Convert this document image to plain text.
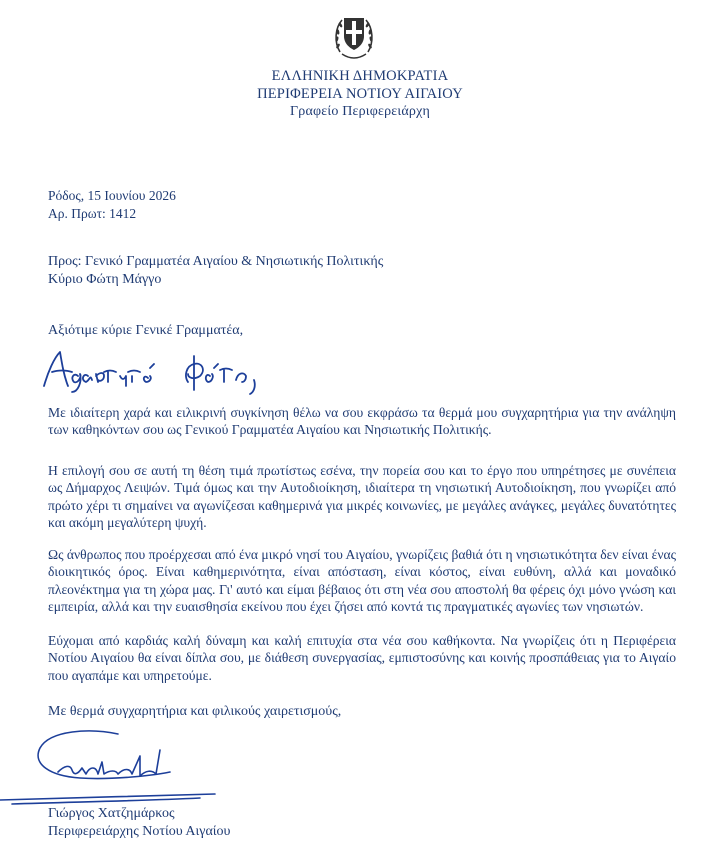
ΕΛΛΗΝΙΚΗ ΔΗΜΟΚΡΑΤΙΑ
ΠΕΡΙΦΕΡΕΙΑ ΝΟΤΙΟΥ ΑΙΓΑΙΟΥ
Γραφείο Περιφερειάρχη
Ρόδος, 15 Ιουνίου 2026
Αρ. Πρωτ: 1412
Προς: Γενικό Γραμματέα Αιγαίου & Νησιωτικής Πολιτικής
Κύριο Φώτη Μάγγο
Αξιότιμε κύριε Γενικέ Γραμματέα,

Με ιδιαίτερη χαρά και ειλικρινή συγκίνηση θέλω να σου εκφράσω τα θερμά μου συγχαρητήρια για την ανάληψη των καθηκόντων σου ως Γενικού Γραμματέα Αιγαίου και Νησιωτικής Πολιτικής.

Η επιλογή σου σε αυτή τη θέση τιμά πρωτίστως εσένα, την πορεία σου και το έργο που υπηρέτησες με συνέπεια ως Δήμαρχος Λειψών. Τιμά όμως και την Αυτοδιοίκηση, ιδιαίτερα τη νησιωτική Αυτοδιοίκηση, που γνωρίζει από πρώτο χέρι τι σημαίνει να αγωνίζεσαι καθημερινά για μικρές κοινωνίες, με μεγάλες ανάγκες, μεγάλες δυνατότητες και ακόμη μεγαλύτερη ψυχή.

Ως άνθρωπος που προέρχεσαι από ένα μικρό νησί του Αιγαίου, γνωρίζεις βαθιά ότι η νησιωτικότητα δεν είναι ένας διοικητικός όρος. Είναι καθημερινότητα, είναι απόσταση, είναι κόστος, είναι ευθύνη, αλλά και μοναδικό πλεονέκτημα για τη χώρα μας. Γι' αυτό και είμαι βέβαιος ότι στη νέα σου αποστολή θα φέρεις όχι μόνο γνώση και εμπειρία, αλλά και την ευαισθησία εκείνου που έχει ζήσει από κοντά τις πραγματικές αγωνίες των νησιωτών.

Εύχομαι από καρδιάς καλή δύναμη και καλή επιτυχία στα νέα σου καθήκοντα. Να γνωρίζεις ότι η Περιφέρεια Νοτίου Αιγαίου θα είναι δίπλα σου, με διάθεση συνεργασίας, εμπιστοσύνης και κοινής προσπάθειας για το Αιγαίο που αγαπάμε και υπηρετούμε.

Με θερμά συγχαρητήρια και φιλικούς χαιρετισμούς,
Γιώργος Χατζημάρκος
Περιφερειάρχης Νοτίου Αιγαίου
